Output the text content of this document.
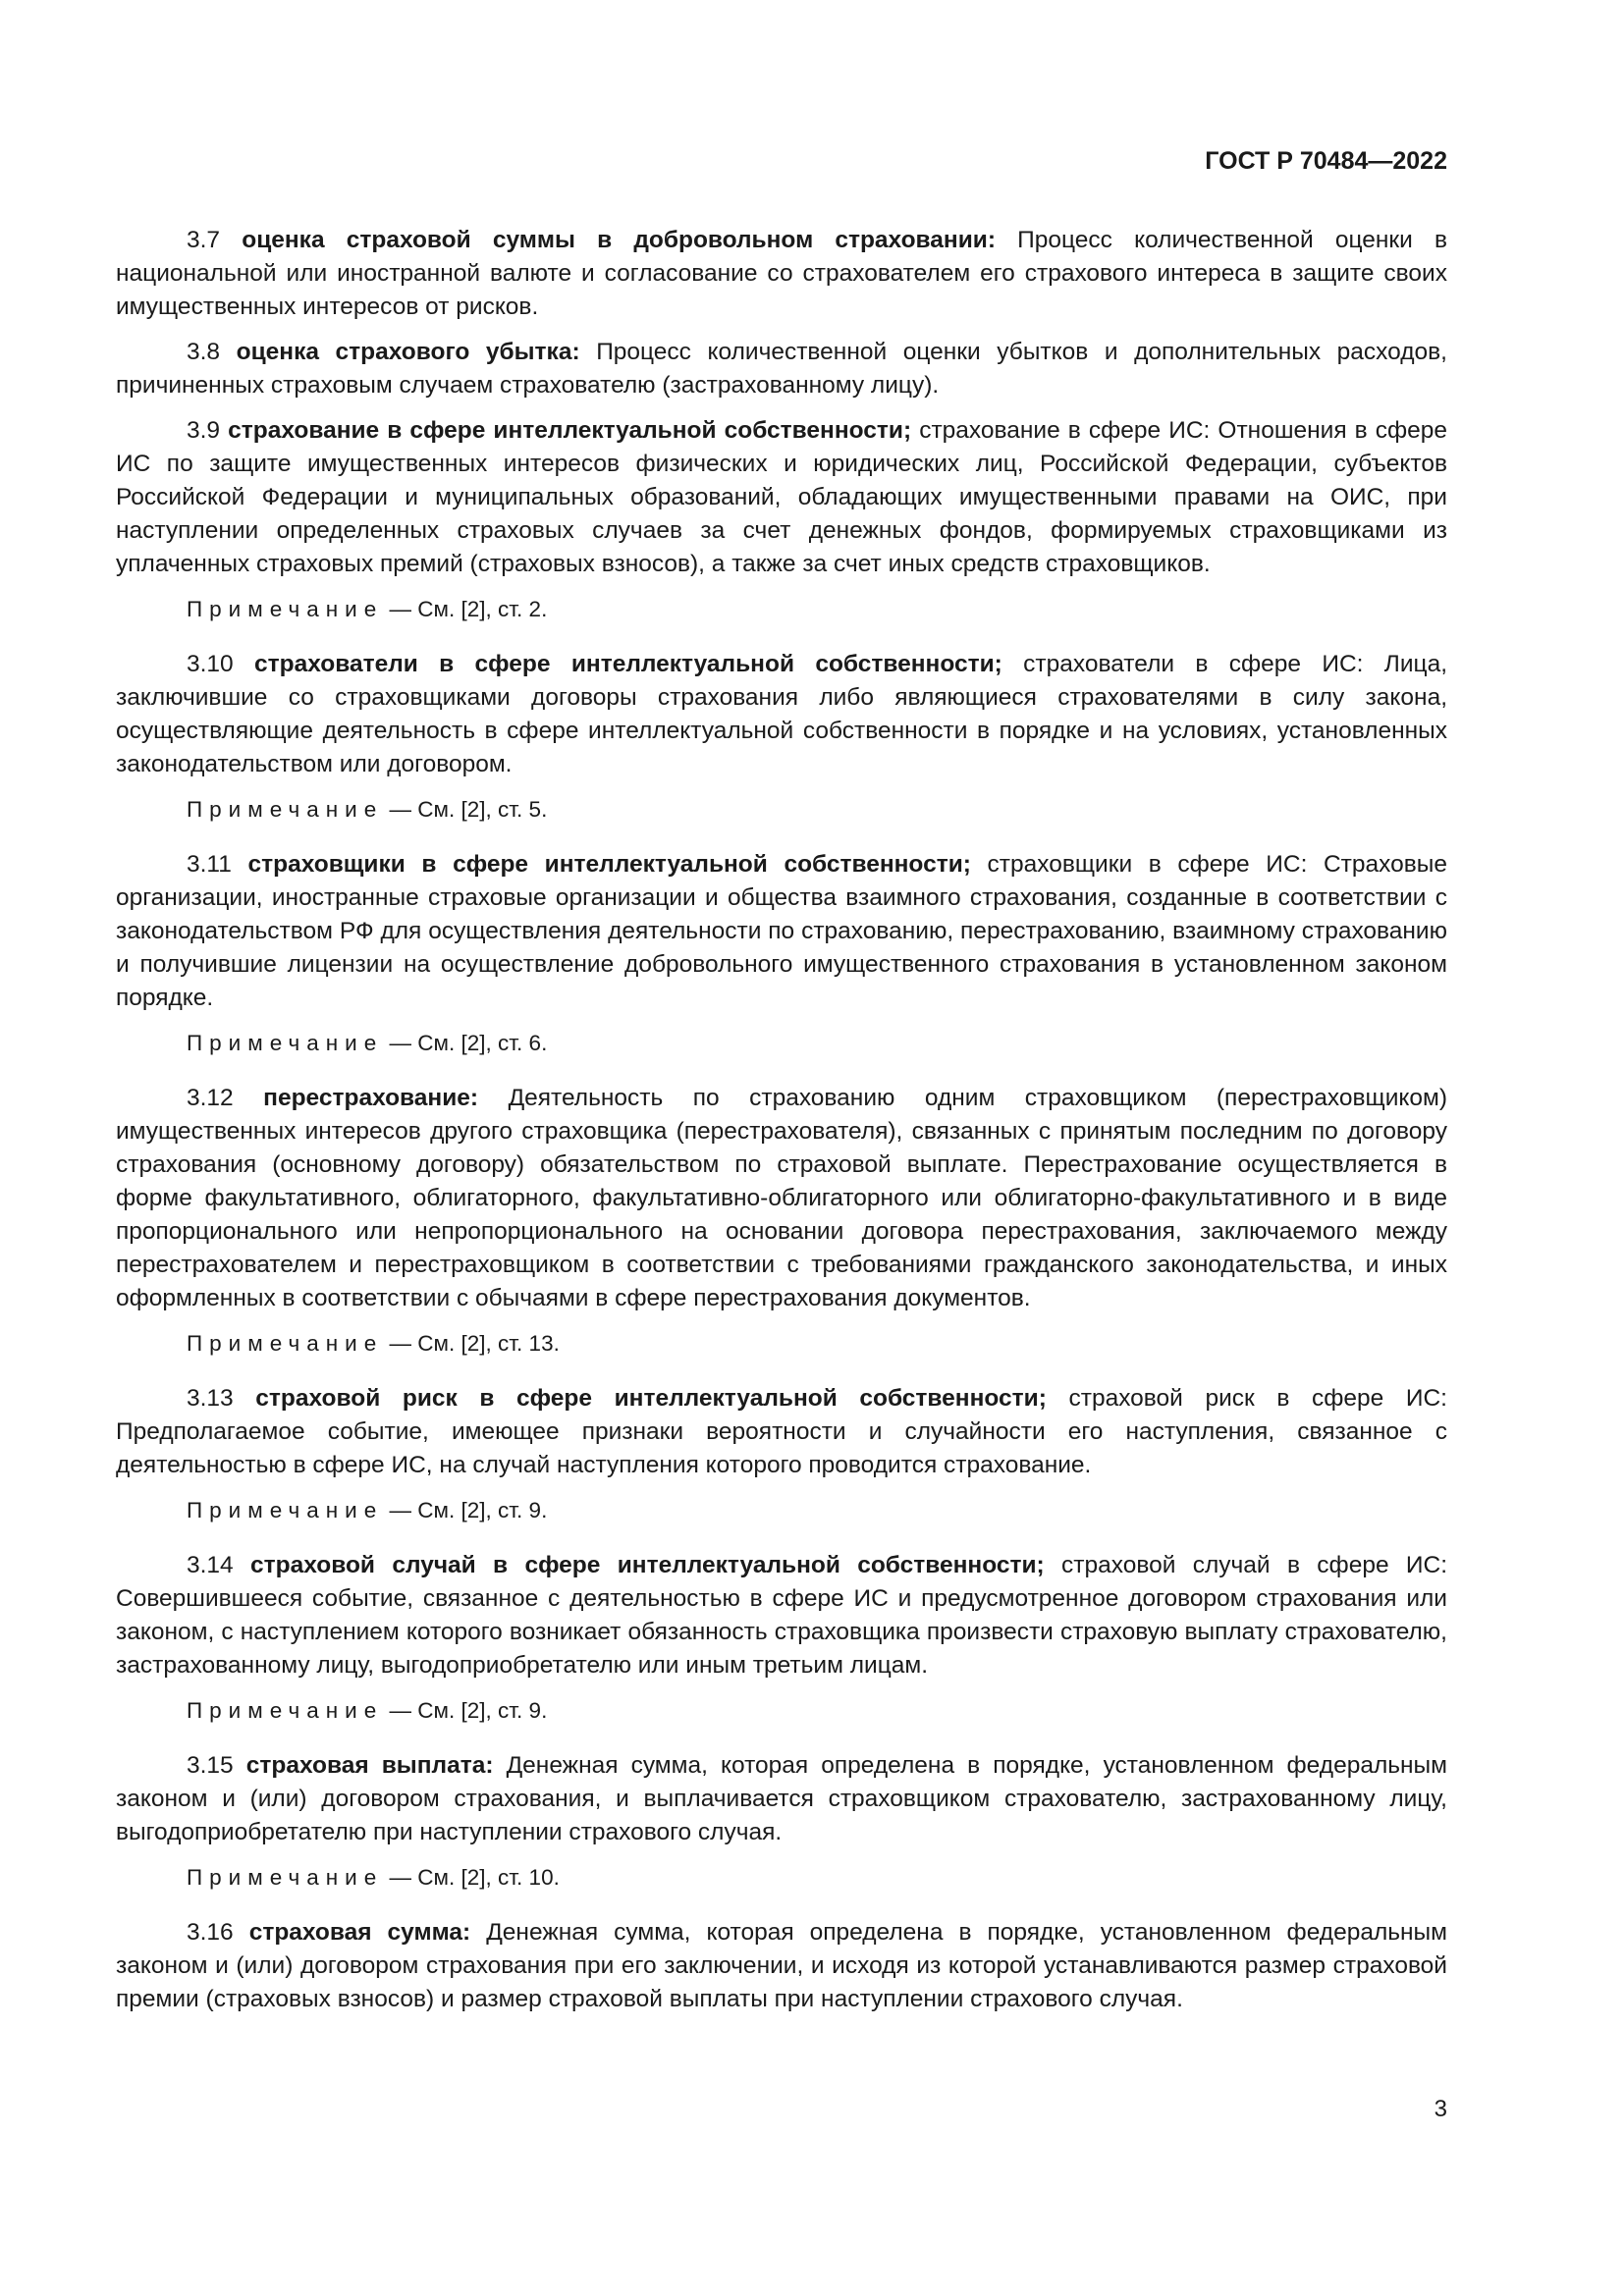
ГОСТ Р 70484—2022

3.7 оценка страховой суммы в добровольном страховании: Процесс количественной оценки в национальной или иностранной валюте и согласование со страхователем его страхового интереса в защите своих имущественных интересов от рисков.

3.8 оценка страхового убытка: Процесс количественной оценки убытков и дополнительных расходов, причиненных страховым случаем страхователю (застрахованному лицу).

3.9 страхование в сфере интеллектуальной собственности; страхование в сфере ИС: Отношения в сфере ИС по защите имущественных интересов физических и юридических лиц, Российской Федерации, субъектов Российской Федерации и муниципальных образований, обладающих имущественными правами на ОИС, при наступлении определенных страховых случаев за счет денежных фондов, формируемых страховщиками из уплаченных страховых премий (страховых взносов), а также за счет иных средств страховщиков.

Примечание — См. [2], ст. 2.

3.10 страхователи в сфере интеллектуальной собственности; страхователи в сфере ИС: Лица, заключившие со страховщиками договоры страхования либо являющиеся страхователями в силу закона, осуществляющие деятельность в сфере интеллектуальной собственности в порядке и на условиях, установленных законодательством или договором.

Примечание — См. [2], ст. 5.

3.11 страховщики в сфере интеллектуальной собственности; страховщики в сфере ИС: Страховые организации, иностранные страховые организации и общества взаимного страхования, созданные в соответствии с законодательством РФ для осуществления деятельности по страхованию, перестрахованию, взаимному страхованию и получившие лицензии на осуществление добровольного имущественного страхования в установленном законом порядке.

Примечание — См. [2], ст. 6.

3.12 перестрахование: Деятельность по страхованию одним страховщиком (перестраховщиком) имущественных интересов другого страховщика (перестрахователя), связанных с принятым последним по договору страхования (основному договору) обязательством по страховой выплате. Перестрахование осуществляется в форме факультативного, облигаторного, факультативно-облигаторного или облигаторно-факультативного и в виде пропорционального или непропорционального на основании договора перестрахования, заключаемого между перестрахователем и перестраховщиком в соответствии с требованиями гражданского законодательства, и иных оформленных в соответствии с обычаями в сфере перестрахования документов.

Примечание — См. [2], ст. 13.

3.13 страховой риск в сфере интеллектуальной собственности; страховой риск в сфере ИС: Предполагаемое событие, имеющее признаки вероятности и случайности его наступления, связанное с деятельностью в сфере ИС, на случай наступления которого проводится страхование.

Примечание — См. [2], ст. 9.

3.14 страховой случай в сфере интеллектуальной собственности; страховой случай в сфере ИС: Совершившееся событие, связанное с деятельностью в сфере ИС и предусмотренное договором страхования или законом, с наступлением которого возникает обязанность страховщика произвести страховую выплату страхователю, застрахованному лицу, выгодоприобретателю или иным третьим лицам.

Примечание — См. [2], ст. 9.

3.15 страховая выплата: Денежная сумма, которая определена в порядке, установленном федеральным законом и (или) договором страхования, и выплачивается страховщиком страхователю, застрахованному лицу, выгодоприобретателю при наступлении страхового случая.

Примечание — См. [2], ст. 10.

3.16 страховая сумма: Денежная сумма, которая определена в порядке, установленном федеральным законом и (или) договором страхования при его заключении, и исходя из которой устанавливаются размер страховой премии (страховых взносов) и размер страховой выплаты при наступлении страхового случая.

3
